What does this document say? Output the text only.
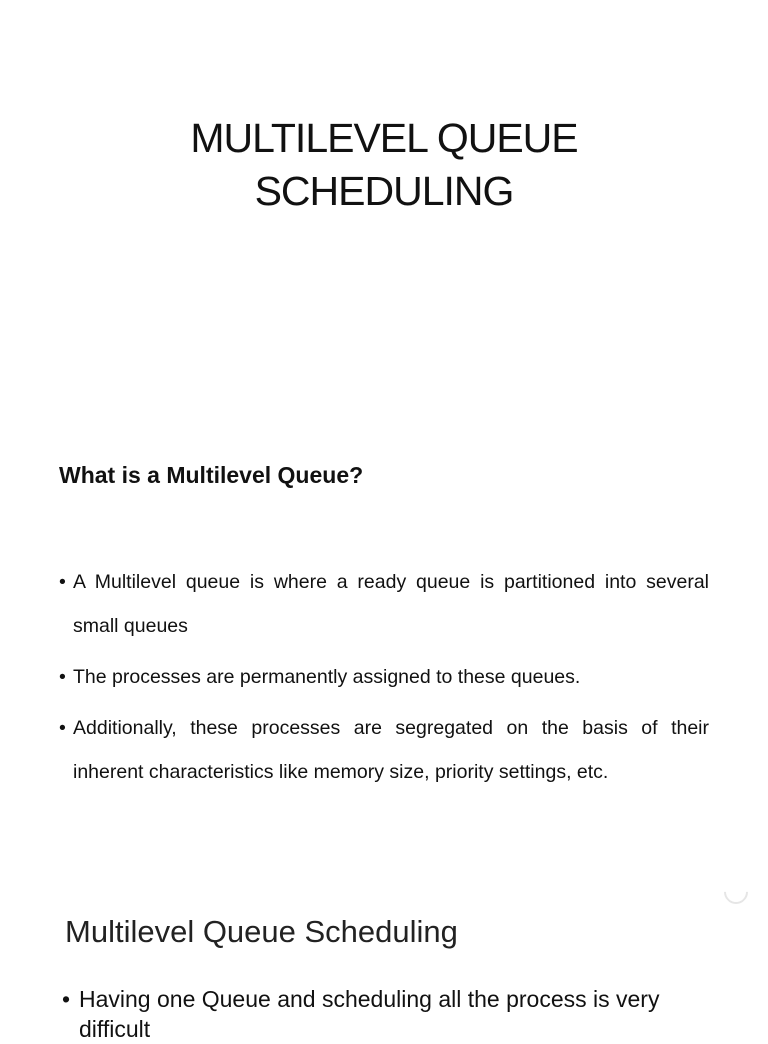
MULTILEVEL QUEUE
SCHEDULING
What is a Multilevel Queue?
• A Multilevel queue is where a ready queue is partitioned into several small queues
• The processes are permanently assigned to these queues.
• Additionally, these processes are segregated on the basis of their inherent characteristics like memory size, priority settings, etc.
Multilevel Queue Scheduling
• Having one Queue and scheduling all the process is very difficult
